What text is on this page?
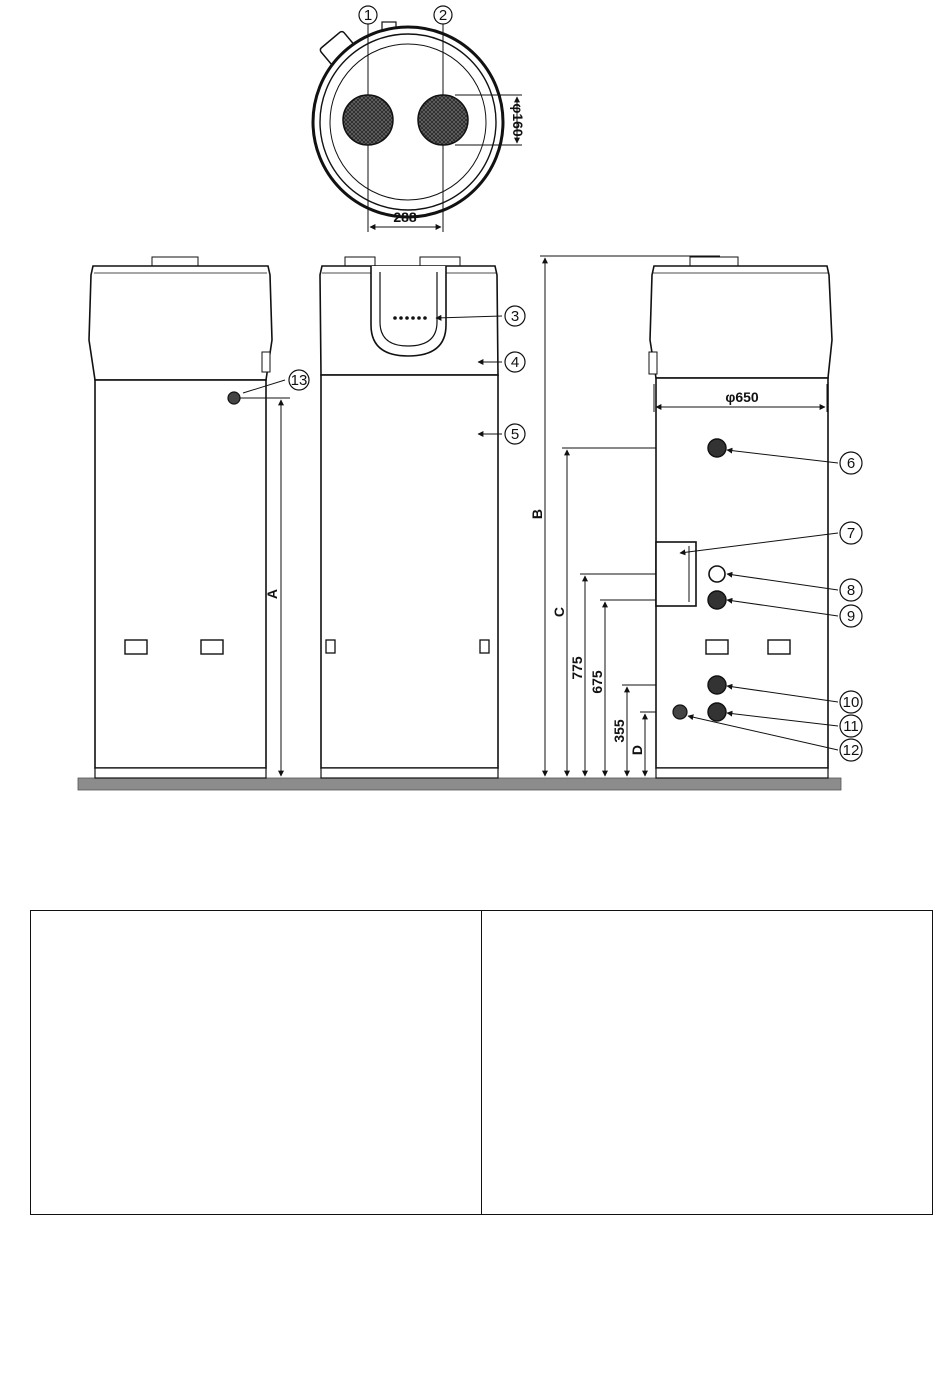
1	2
φ160
288
A
13
3
4
5
B
C
775
675
355
D
φ650
6
7
8
9
10
11
12
